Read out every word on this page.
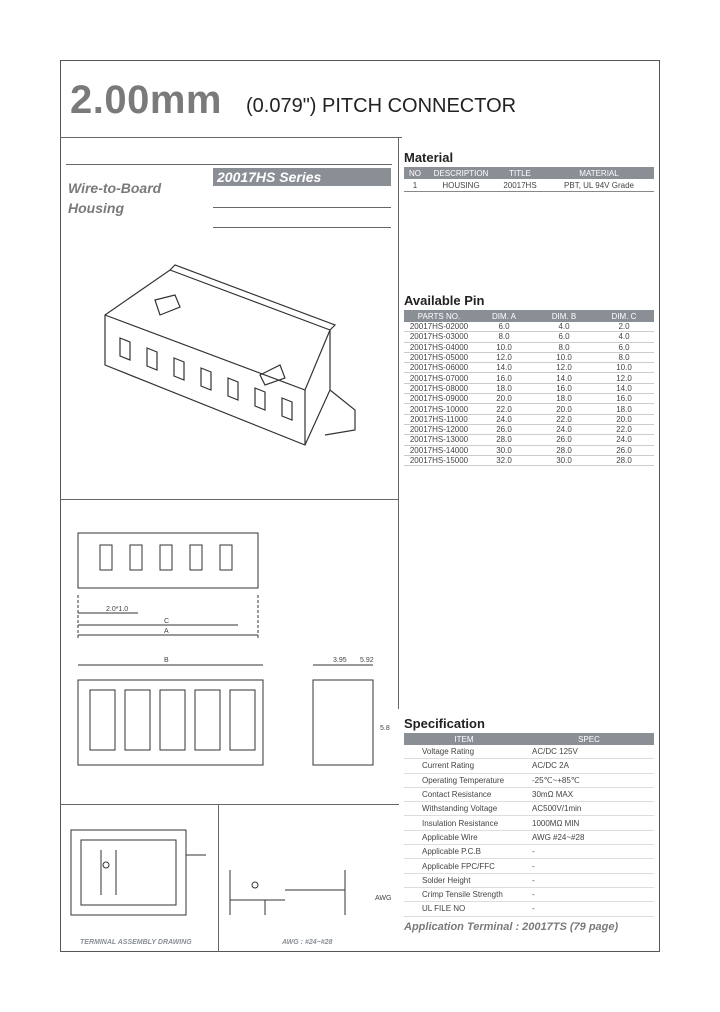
2.00mm (0.079") PITCH CONNECTOR
Wire-to-Board
Housing
20017HS Series
Material
NO	DESCRIPTION	TITLE	MATERIAL
1	HOUSING	20017HS	PBT, UL 94V Grade
Available Pin
PARTS NO.	DIM. A	DIM. B	DIM. C
20017HS-02000	6.0	4.0	2.0
20017HS-03000	8.0	6.0	4.0
20017HS-04000	10.0	8.0	6.0
20017HS-05000	12.0	10.0	8.0
20017HS-06000	14.0	12.0	10.0
20017HS-07000	16.0	14.0	12.0
20017HS-08000	18.0	16.0	14.0
20017HS-09000	20.0	18.0	16.0
20017HS-10000	22.0	20.0	18.0
20017HS-11000	24.0	22.0	20.0
20017HS-12000	26.0	24.0	22.0
20017HS-13000	28.0	26.0	24.0
20017HS-14000	30.0	28.0	26.0
20017HS-15000	32.0	30.0	28.0
Specification
ITEM	SPEC
Voltage Rating	AC/DC 125V
Current Rating	AC/DC 2A
Operating Temperature	-25℃~+85℃
Contact Resistance	30mΩ MAX
Withstanding Voltage	AC500V/1min
Insulation Resistance	1000MΩ MIN
Applicable Wire	AWG #24~#28
Applicable P.C.B	-
Applicable FPC/FFC	-
Solder Height	-
Crimp Tensile Strength	-
UL FILE NO	-
Application Terminal : 20017TS (79 page)
2.0*1.0
C
A
B	3.95 5.92
5.8
AWG
TERMINAL ASSEMBLY DRAWING	AWG : #24~#28
